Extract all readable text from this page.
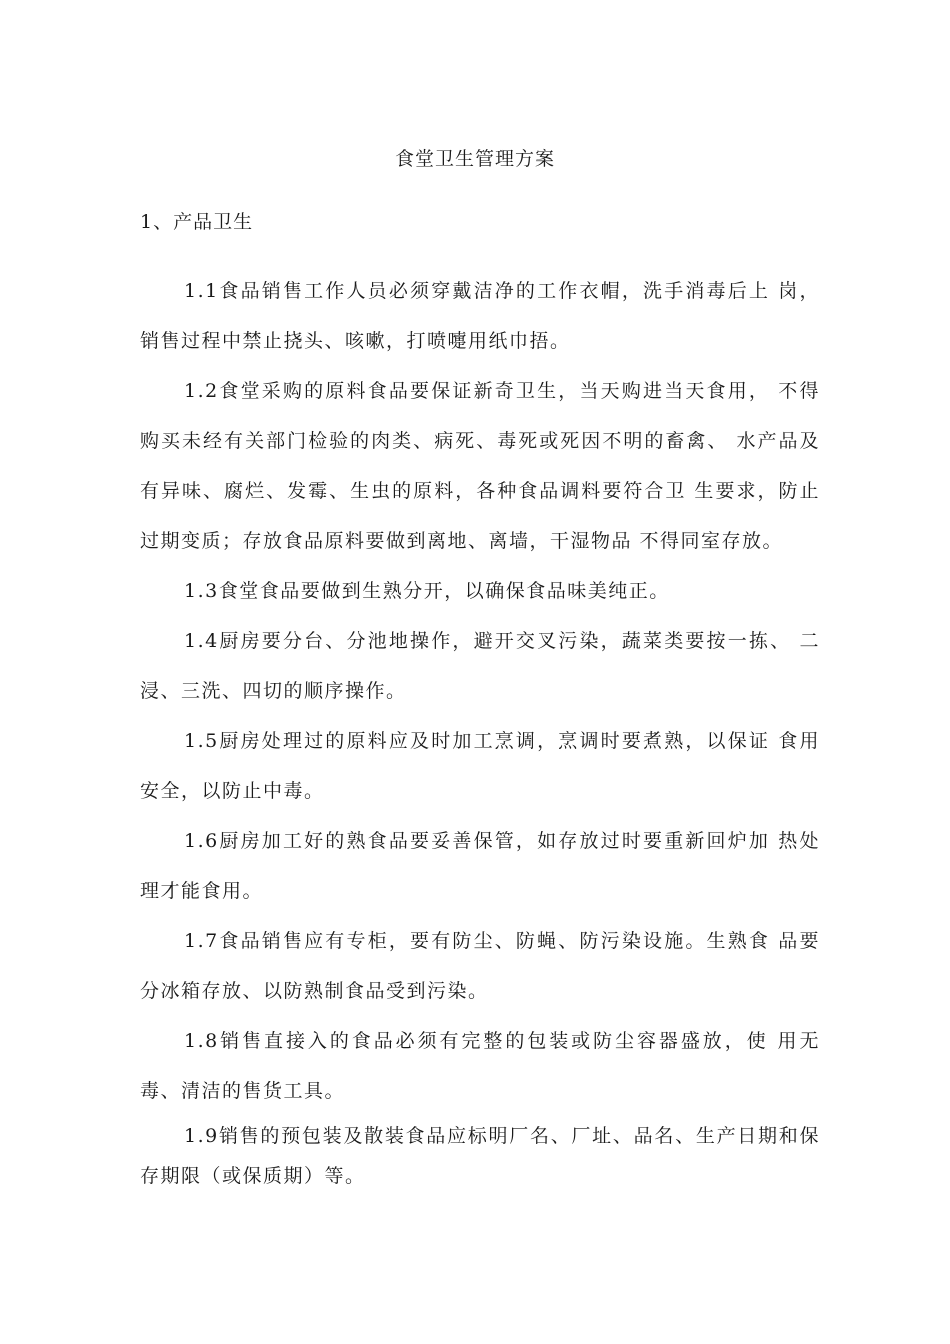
食堂卫生管理方案
1、产品卫生

1.1食品销售工作人员必须穿戴洁净的工作衣帽，洗手消毒后上 岗，销售过程中禁止挠头、咳嗽，打喷嚏用纸巾捂。

1.2食堂采购的原料食品要保证新奇卫生，当天购进当天食用， 不得购买未经有关部门检验的肉类、病死、毒死或死因不明的畜禽、 水产品及有异味、腐烂、发霉、生虫的原料，各种食品调料要符合卫 生要求，防止过期变质；存放食品原料要做到离地、离墙，干湿物品 不得同室存放。

1.3食堂食品要做到生熟分开，以确保食品味美纯正。

1.4厨房要分台、分池地操作，避开交叉污染，蔬菜类要按一拣、 二浸、三洗、四切的顺序操作。

1.5厨房处理过的原料应及时加工烹调，烹调时要煮熟，以保证 食用安全，以防止中毒。

1.6厨房加工好的熟食品要妥善保管，如存放过时要重新回炉加 热处理才能食用。

1.7食品销售应有专柜，要有防尘、防蝇、防污染设施。生熟食 品要分冰箱存放、以防熟制食品受到污染。

1.8销售直接入的食品必须有完整的包装或防尘容器盛放，使 用无毒、清洁的售货工具。

1.9销售的预包装及散装食品应标明厂名、厂址、品名、生产日期和保存期限（或保质期）等。
